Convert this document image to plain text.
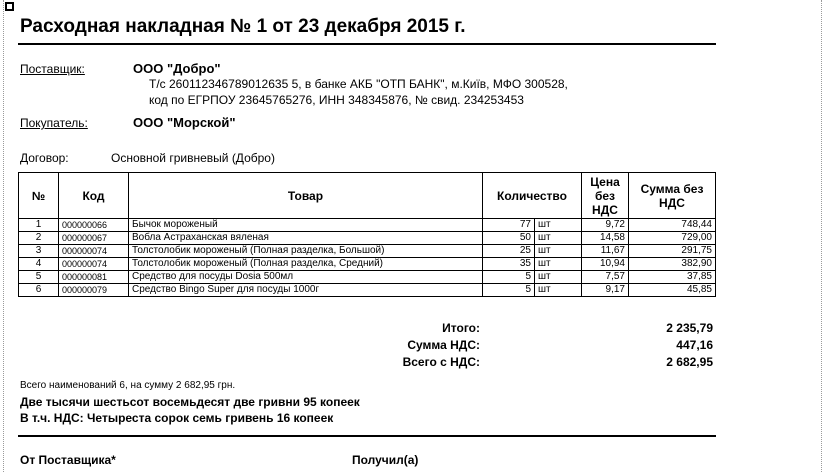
Расходная накладная № 1 от 23 декабря 2015 г.
Поставщик:	ООО "Добро"
Т/с 260112346789012635 5, в банке АКБ "ОТП БАНК", м.Київ, МФО 300528,
код по ЕГРПОУ 23645765276, ИНН 348345876, № свид. 234253453
Покупатель:	ООО "Морской"
Договор:	Основной гривневый (Добро)
№	Код	Товар	Количество		Цена без НДС	Сумма без НДС
1	000000066	Бычок мороженый	77	шт	9,72	748,44
2	000000067	Вобла Астраханская вяленая	50	шт	14,58	729,00
3	000000074	Толстолобик мороженый (Полная разделка, Большой)	25	шт	11,67	291,75
4	000000074	Толстолобик мороженый (Полная разделка, Средний)	35	шт	10,94	382,90
5	000000081	Средство для посуды Dosia 500мл	5	шт	7,57	37,85
6	000000079	Средство Bingo Super для посуды 1000г	5	шт	9,17	45,85
Итого:	2 235,79
Сумма НДС:	447,16
Всего с НДС:	2 682,95
Всего наименований 6, на сумму 2 682,95 грн.
Две тысячи шестьсот восемьдесят две гривни 95 копеек
В т.ч. НДС: Четыреста сорок семь гривень 16 копеек
От Поставщика*	Получил(а)
